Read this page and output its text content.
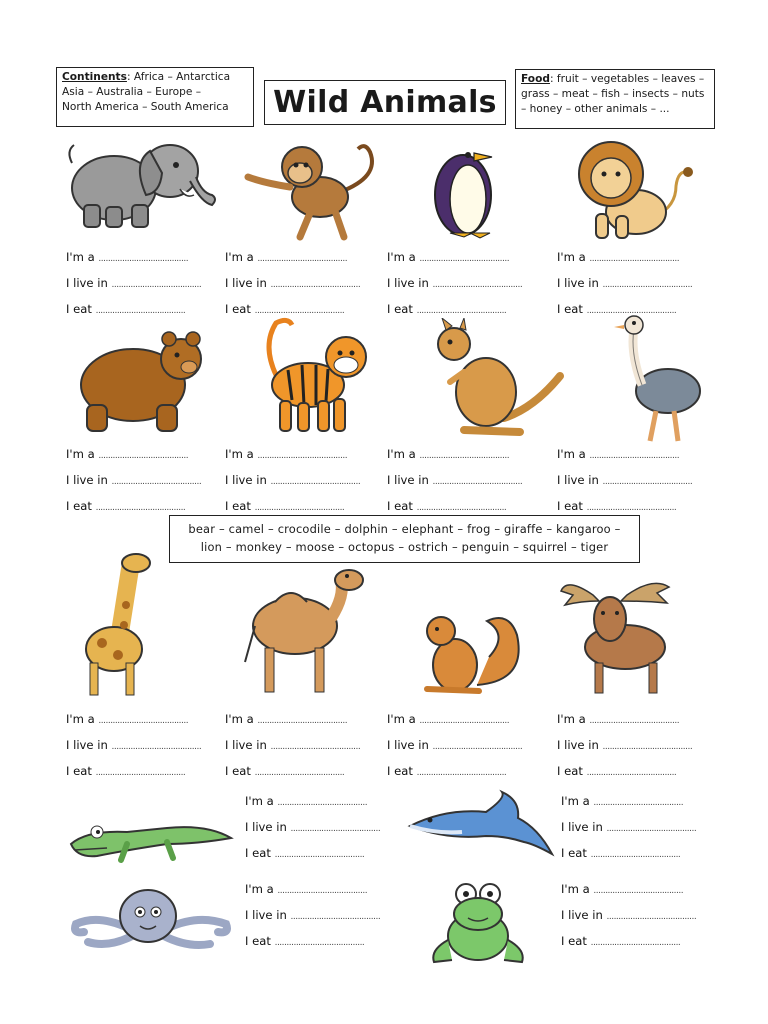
Continents: Africa – Antarctica
Asia – Australia – Europe –
North America – South America	Wild Animals
Food: fruit – vegetables – leaves –
grass – meat – fish – insects – nuts
– honey – other animals – ...
bear – camel – crocodile – dolphin – elephant – frog – giraffe – kangaroo –
lion – monkey – moose – octopus – ostrich – penguin – squirrel – tiger
I'm a ......................................
I live in ......................................
I eat ......................................
I'm a ......................................
I live in ......................................
I eat ......................................
I'm a ......................................
I live in ......................................
I eat ......................................
I'm a ......................................
I live in ......................................
I eat ......................................
I'm a ......................................
I live in ......................................
I eat ......................................
I'm a ......................................
I live in ......................................
I eat ......................................
I'm a ......................................
I live in ......................................
I eat ......................................
I'm a ......................................
I live in ......................................
I eat ......................................
I'm a ......................................
I live in ......................................
I eat ......................................
I'm a ......................................
I live in ......................................
I eat ......................................
I'm a ......................................
I live in ......................................
I eat ......................................
I'm a ......................................
I live in ......................................
I eat ......................................
I'm a ......................................
I live in ......................................
I eat ......................................
I'm a ......................................
I live in ......................................
I eat ......................................
I'm a ......................................
I live in ......................................
I eat ......................................
I'm a ......................................
I live in ......................................
I eat ......................................
